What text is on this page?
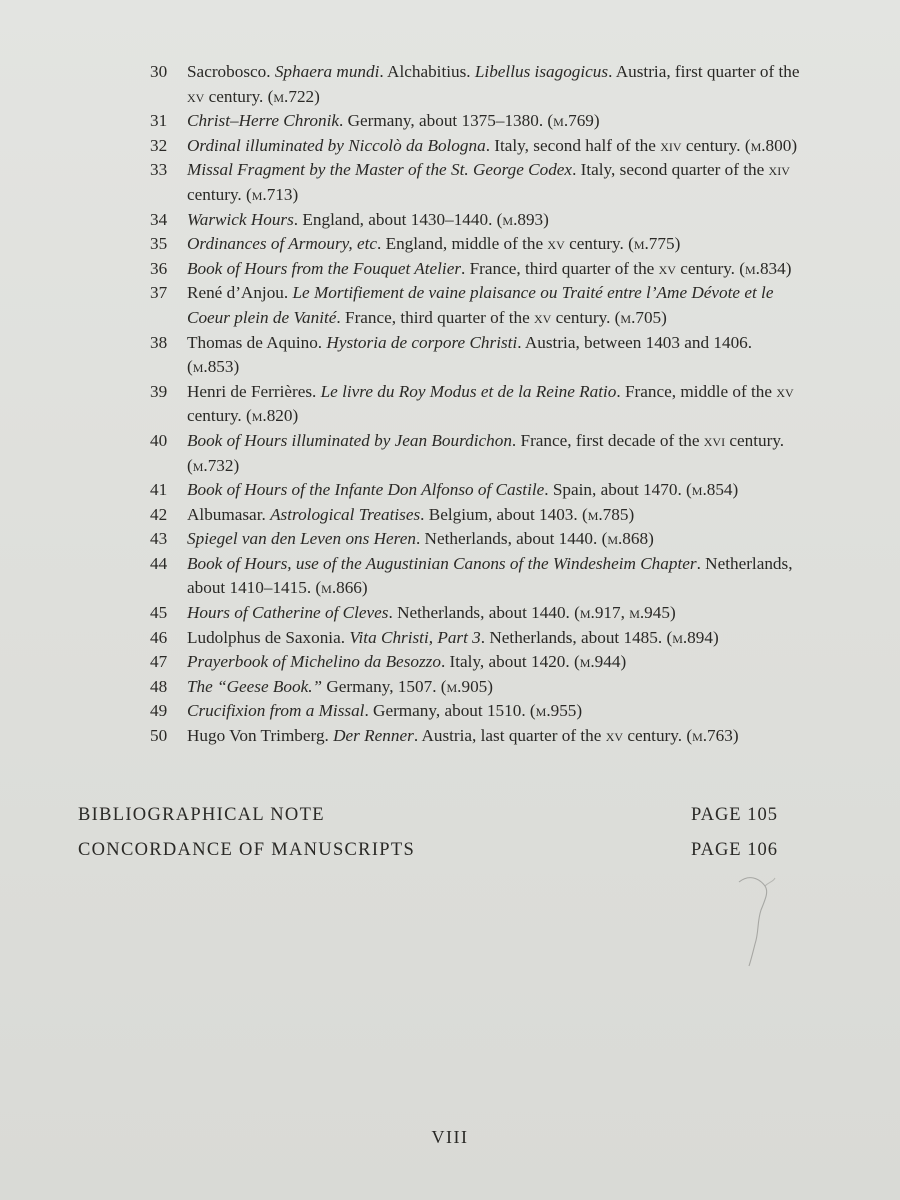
30	Sacrobosco. Sphaera mundi. Alchabitius. Libellus isagogicus. Austria, first quarter of the xv century. (m.722)
31	Christ–Herre Chronik. Germany, about 1375–1380. (m.769)
32	Ordinal illuminated by Niccolò da Bologna. Italy, second half of the xiv century. (m.800)
33	Missal Fragment by the Master of the St. George Codex. Italy, second quarter of the xiv century. (m.713)
34	Warwick Hours. England, about 1430–1440. (m.893)
35	Ordinances of Armoury, etc. England, middle of the xv century. (m.775)
36	Book of Hours from the Fouquet Atelier. France, third quarter of the xv century. (m.834)
37	René d’Anjou. Le Mortifiement de vaine plaisance ou Traité entre l’Ame Dévote et le Coeur plein de Vanité. France, third quarter of the xv century. (m.705)
38	Thomas de Aquino. Hystoria de corpore Christi. Austria, between 1403 and 1406. (m.853)
39	Henri de Ferrières. Le livre du Roy Modus et de la Reine Ratio. France, middle of the xv century. (m.820)
40	Book of Hours illuminated by Jean Bourdichon. France, first decade of the xvi century. (m.732)
41	Book of Hours of the Infante Don Alfonso of Castile. Spain, about 1470. (m.854)
42	Albumasar. Astrological Treatises. Belgium, about 1403. (m.785)
43	Spiegel van den Leven ons Heren. Netherlands, about 1440. (m.868)
44	Book of Hours, use of the Augustinian Canons of the Windesheim Chapter. Netherlands, about 1410–1415. (m.866)
45	Hours of Catherine of Cleves. Netherlands, about 1440. (m.917, m.945)
46	Ludolphus de Saxonia. Vita Christi, Part 3. Netherlands, about 1485. (m.894)
47	Prayerbook of Michelino da Besozzo. Italy, about 1420. (m.944)
48	The “Geese Book.” Germany, 1507. (m.905)
49	Crucifixion from a Missal. Germany, about 1510. (m.955)
50	Hugo Von Trimberg. Der Renner. Austria, last quarter of the xv century. (m.763)
BIBLIOGRAPHICAL NOTE	PAGE 105
CONCORDANCE OF MANUSCRIPTS	PAGE 106
VIII
